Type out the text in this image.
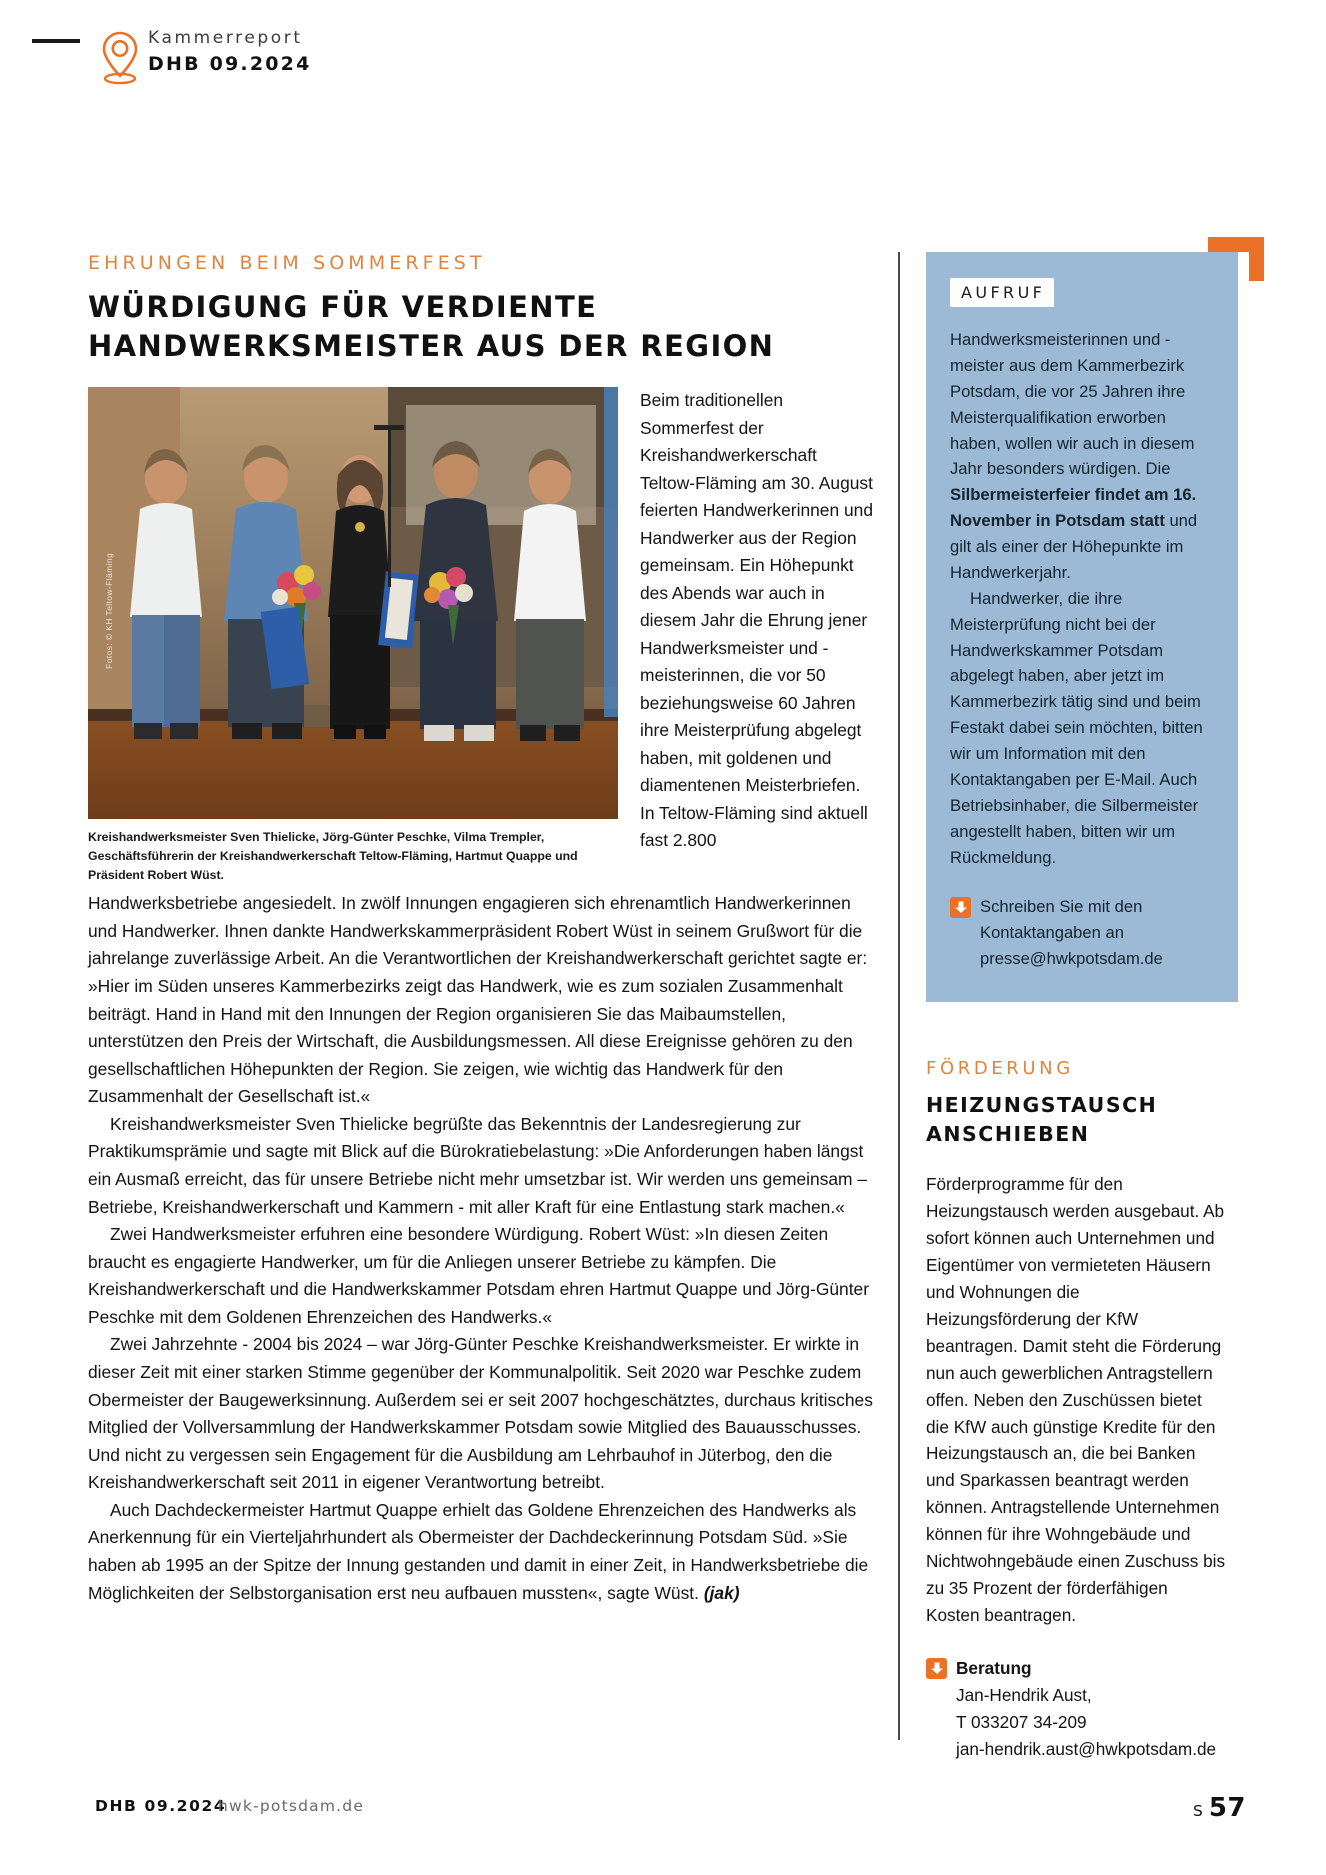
Kammerreport
DHB 09.2024
EHRUNGEN BEIM SOMMERFEST
WÜRDIGUNG FÜR VERDIENTE HANDWERKSMEISTER AUS DER REGION
Fotos: © KH Teltow-Fläming
Kreishandwerksmeister Sven Thielicke, Jörg-Günter Peschke, Vilma Trempler, Geschäftsführerin der Kreishandwerkerschaft Teltow-Fläming, Hartmut Quappe und Präsident Robert Wüst.

Beim traditionellen Sommerfest der Kreishandwerkerschaft Teltow-Fläming am 30. August feierten Handwerkerinnen und Handwerker aus der Region gemeinsam. Ein Höhepunkt des Abends war auch in diesem Jahr die Ehrung jener Handwerksmeister und -meisterinnen, die vor 50 beziehungsweise 60 Jahren ihre Meisterprüfung abgelegt haben, mit goldenen und diamentenen Meisterbriefen. In Teltow-Fläming sind aktuell fast 2.800

Handwerksbetriebe angesiedelt. In zwölf Innungen engagieren sich ehrenamtlich Handwerkerinnen und Handwerker. Ihnen dankte Handwerkskammerpräsident Robert Wüst in seinem Grußwort für die jahrelange zuverlässige Arbeit. An die Verantwortlichen der Kreishandwerkerschaft gerichtet sagte er: »Hier im Süden unseres Kammerbezirks zeigt das Handwerk, wie es zum sozialen Zusammenhalt beiträgt. Hand in Hand mit den Innungen der Region organisieren Sie das Maibaumstellen, unterstützen den Preis der Wirtschaft, die Ausbildungsmessen. All diese Ereignisse gehören zu den gesellschaftlichen Höhepunkten der Region. Sie zeigen, wie wichtig das Handwerk für den Zusammenhalt der Gesellschaft ist.«

Kreishandwerksmeister Sven Thielicke begrüßte das Bekenntnis der Landesregierung zur Praktikumsprämie und sagte mit Blick auf die Bürokratiebelastung: »Die Anforderungen haben längst ein Ausmaß erreicht, das für unsere Betriebe nicht mehr umsetzbar ist. Wir werden uns gemeinsam – Betriebe, Kreishandwerkerschaft und Kammern - mit aller Kraft für eine Entlastung stark machen.«

Zwei Handwerksmeister erfuhren eine besondere Würdigung. Robert Wüst: »In diesen Zeiten braucht es engagierte Handwerker, um für die Anliegen unserer Betriebe zu kämpfen. Die Kreishandwerkerschaft und die Handwerkskammer Potsdam ehren Hartmut Quappe und Jörg-Günter Peschke mit dem Goldenen Ehrenzeichen des Handwerks.«

Zwei Jahrzehnte - 2004 bis 2024 – war Jörg-Günter Peschke Kreishandwerksmeister. Er wirkte in dieser Zeit mit einer starken Stimme gegenüber der Kommunalpolitik. Seit 2020 war Peschke zudem Obermeister der Baugewerksinnung. Außerdem sei er seit 2007 hochgeschätztes, durchaus kritisches Mitglied der Vollversammlung der Handwerkskammer Potsdam sowie Mitglied des Bauausschusses. Und nicht zu vergessen sein Engagement für die Ausbildung am Lehrbauhof in Jüterbog, den die Kreishandwerkerschaft seit 2011 in eigener Verantwortung betreibt.

Auch Dachdeckermeister Hartmut Quappe erhielt das Goldene Ehrenzeichen des Handwerks als Anerkennung für ein Vierteljahrhundert als Obermeister der Dachdeckerinnung Potsdam Süd. »Sie haben ab 1995 an der Spitze der Innung gestanden und damit in einer Zeit, in Handwerksbetriebe die Möglichkeiten der Selbstorganisation erst neu aufbauen mussten«, sagte Wüst. (jak)

AUFRUF

Handwerksmeisterinnen und -meister aus dem Kammerbezirk Potsdam, die vor 25 Jahren ihre Meisterqualifikation erworben haben, wollen wir auch in diesem Jahr besonders würdigen. Die Silbermeisterfeier findet am 16. November in Potsdam statt und gilt als einer der Höhepunkte im Handwerkerjahr.

Handwerker, die ihre Meisterprüfung nicht bei der Handwerkskammer Potsdam abgelegt haben, aber jetzt im Kammerbezirk tätig sind und beim Festakt dabei sein möchten, bitten wir um Information mit den Kontaktangaben per E-Mail. Auch Betriebsinhaber, die Silbermeister angestellt haben, bitten wir um Rückmeldung.

Schreiben Sie mit den Kontaktangaben an presse@hwkpotsdam.de
FÖRDERUNG
HEIZUNGSTAUSCH ANSCHIEBEN

Förderprogramme für den Heizungstausch werden ausgebaut. Ab sofort können auch Unternehmen und Eigentümer von vermieteten Häusern und Wohnungen die Heizungsförderung der KfW beantragen. Damit steht die Förderung nun auch gewerblichen Antragstellern offen. Neben den Zuschüssen bietet die KfW auch günstige Kredite für den Heizungstausch an, die bei Banken und Sparkassen beantragt werden können. Antragstellende Unternehmen können für ihre Wohngebäude und Nichtwohngebäude einen Zuschuss bis zu 35 Prozent der förderfähigen Kosten beantragen.

Beratung
Jan-Hendrik Aust,
T 033207 34-209
jan-hendrik.aust@hwkpotsdam.de
DHB 09.2024
hwk-potsdam.de	S 57
